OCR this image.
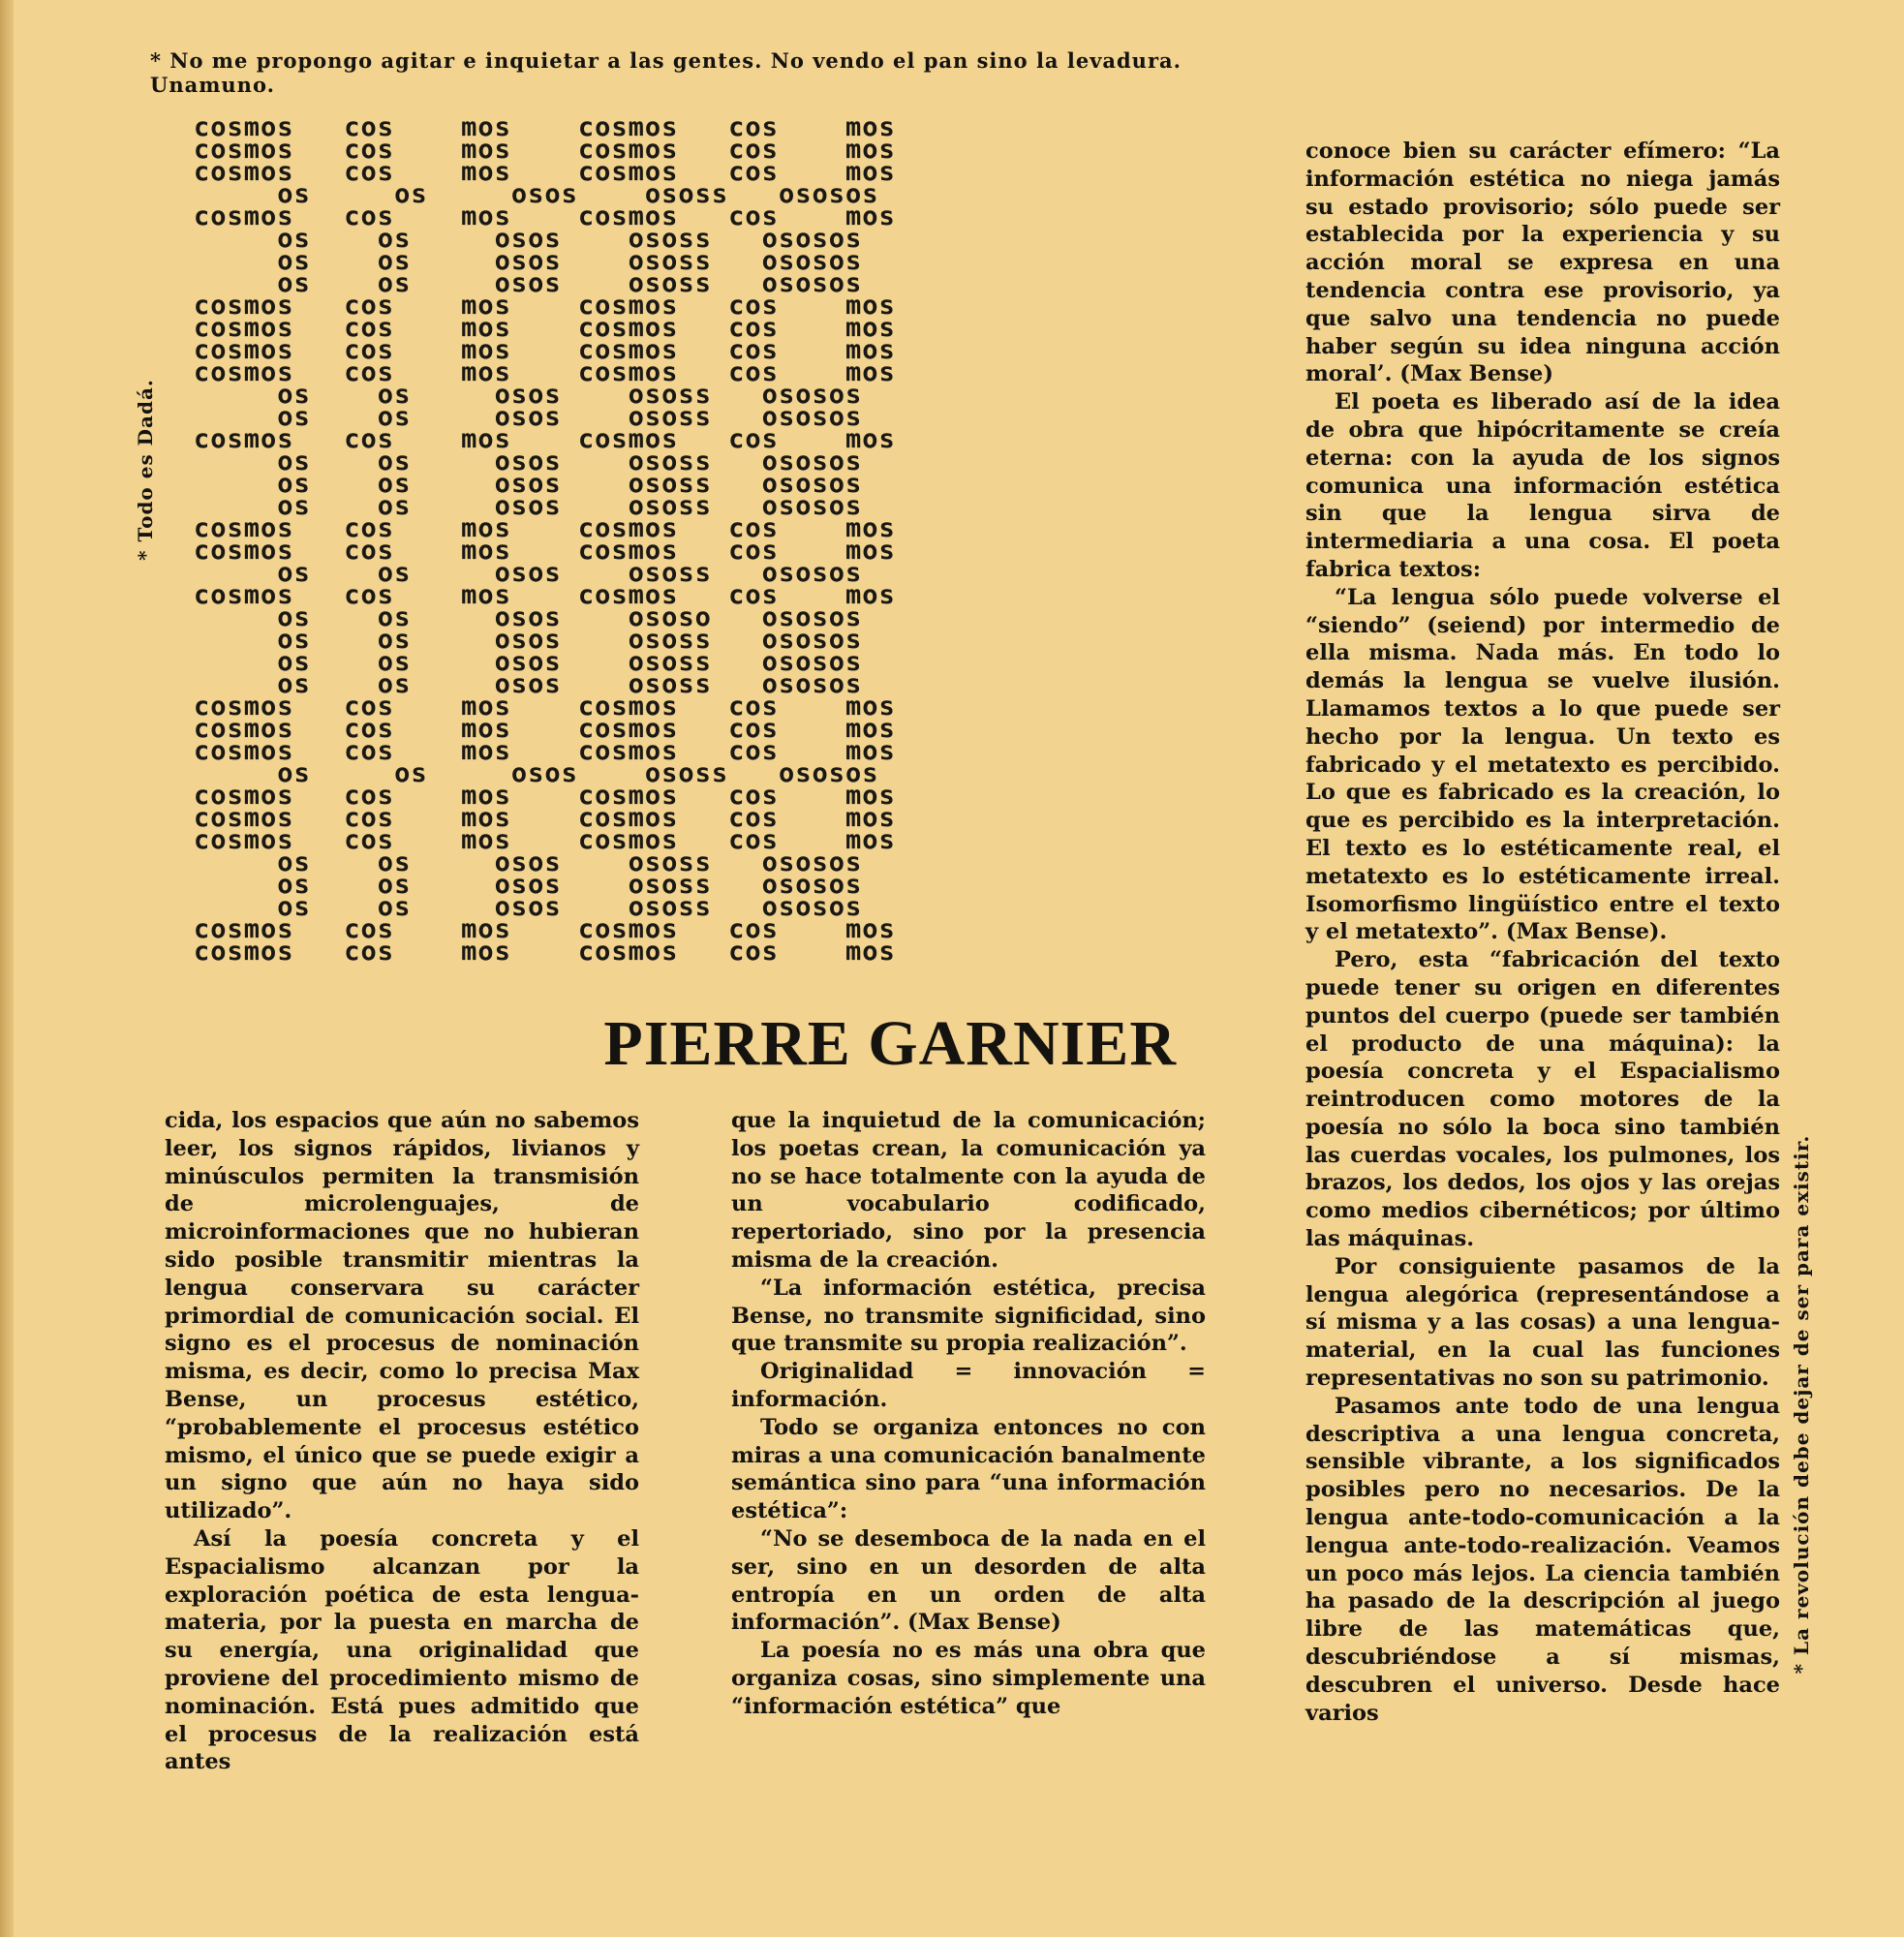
* No me propongo agitar e inquietar a las gentes. No vendo el pan sino la levadura. Unamuno.
* Todo es Dadá.
cosmos   cos    mos    cosmos   cos    mos
cosmos   cos    mos    cosmos   cos    mos
cosmos   cos    mos    cosmos   cos    mos
os     os     osos    ososs   ososos
cosmos   cos    mos    cosmos   cos    mos
os    os     osos    ososs   ososos
os    os     osos    ososs   ososos
os    os     osos    ososs   ososos
cosmos   cos    mos    cosmos   cos    mos
cosmos   cos    mos    cosmos   cos    mos
cosmos   cos    mos    cosmos   cos    mos
cosmos   cos    mos    cosmos   cos    mos
os    os     osos    ososs   ososos
os    os     osos    ososs   ososos
cosmos   cos    mos    cosmos   cos    mos
os    os     osos    ososs   ososos
os    os     osos    ososs   ososos
os    os     osos    ososs   ososos
cosmos   cos    mos    cosmos   cos    mos
cosmos   cos    mos    cosmos   cos    mos
os    os     osos    ososs   ososos
cosmos   cos    mos    cosmos   cos    mos
os    os     osos    ososo   ososos
os    os     osos    ososs   ososos
os    os     osos    ososs   ososos
os    os     osos    ososs   ososos
cosmos   cos    mos    cosmos   cos    mos
cosmos   cos    mos    cosmos   cos    mos
cosmos   cos    mos    cosmos   cos    mos
os     os     osos    ososs   ososos
cosmos   cos    mos    cosmos   cos    mos
cosmos   cos    mos    cosmos   cos    mos
cosmos   cos    mos    cosmos   cos    mos
os    os     osos    ososs   ososos
os    os     osos    ososs   ososos
os    os     osos    ososs   ososos
cosmos   cos    mos    cosmos   cos    mos
cosmos   cos    mos    cosmos   cos    mos
PIERRE GARNIER

cida, los espacios que aún no sabemos leer, los signos rápidos, livianos y minúsculos permiten la transmisión de microlenguajes, de microinformaciones que no hubieran sido posible transmitir mientras la lengua conservara su carácter primordial de comunicación social. El signo es el procesus de nominación misma, es decir, como lo precisa Max Bense, un procesus estético, “probablemente el procesus estético mismo, el único que se puede exigir a un signo que aún no haya sido utilizado”.

Así la poesía concreta y el Espacialismo alcanzan por la exploración poética de esta lengua-materia, por la puesta en marcha de su energía, una originalidad que proviene del procedimiento mismo de nominación. Está pues admitido que el procesus de la realización está antes

que la inquietud de la comunicación; los poetas crean, la comunicación ya no se hace totalmente con la ayuda de un vocabulario codificado, repertoriado, sino por la presencia misma de la creación.

“La información estética, precisa Bense, no transmite significidad, sino que transmite su propia realización”.

Originalidad = innovación = información.

Todo se organiza entonces no con miras a una comunicación banalmente semántica sino para “una información estética”:

“No se desemboca de la nada en el ser, sino en un desorden de alta entropía en un orden de alta información”. (Max Bense)

La poesía no es más una obra que organiza cosas, sino simplemente una “información estética” que

conoce bien su carácter efímero: “La información estética no niega jamás su estado provisorio; sólo puede ser establecida por la experiencia y su acción moral se expresa en una tendencia contra ese provisorio, ya que salvo una tendencia no puede haber según su idea ninguna acción moral’. (Max Bense)

El poeta es liberado así de la idea de obra que hipócritamente se creía eterna: con la ayuda de los signos comunica una información estética sin que la lengua sirva de intermediaria a una cosa. El poeta fabrica textos:

“La lengua sólo puede volverse el “siendo” (seiend) por intermedio de ella misma. Nada más. En todo lo demás la lengua se vuelve ilusión. Llamamos textos a lo que puede ser hecho por la lengua. Un texto es fabricado y el metatexto es percibido. Lo que es fabricado es la creación, lo que es percibido es la interpretación. El texto es lo estéticamente real, el metatexto es lo estéticamente irreal. Isomorfismo lingüístico entre el texto y el metatexto”. (Max Bense).

Pero, esta “fabricación del texto puede tener su origen en diferentes puntos del cuerpo (puede ser también el producto de una máquina): la poesía concreta y el Espacialismo reintroducen como motores de la poesía no sólo la boca sino también las cuerdas vocales, los pulmones, los brazos, los dedos, los ojos y las orejas como medios cibernéticos; por último las máquinas.

Por consiguiente pasamos de la lengua alegórica (representándose a sí misma y a las cosas) a una lengua-material, en la cual las funciones representativas no son su patrimonio.

Pasamos ante todo de una lengua descriptiva a una lengua concreta, sensible vibrante, a los significados posibles pero no necesarios. De la lengua ante-todo-comunicación a la lengua ante-todo-realización. Veamos un poco más lejos. La ciencia también ha pasado de la descripción al juego libre de las matemáticas que, descubriéndose a sí mismas, descubren el universo. Desde hace varios

* La revolución debe dejar de ser para existir.
